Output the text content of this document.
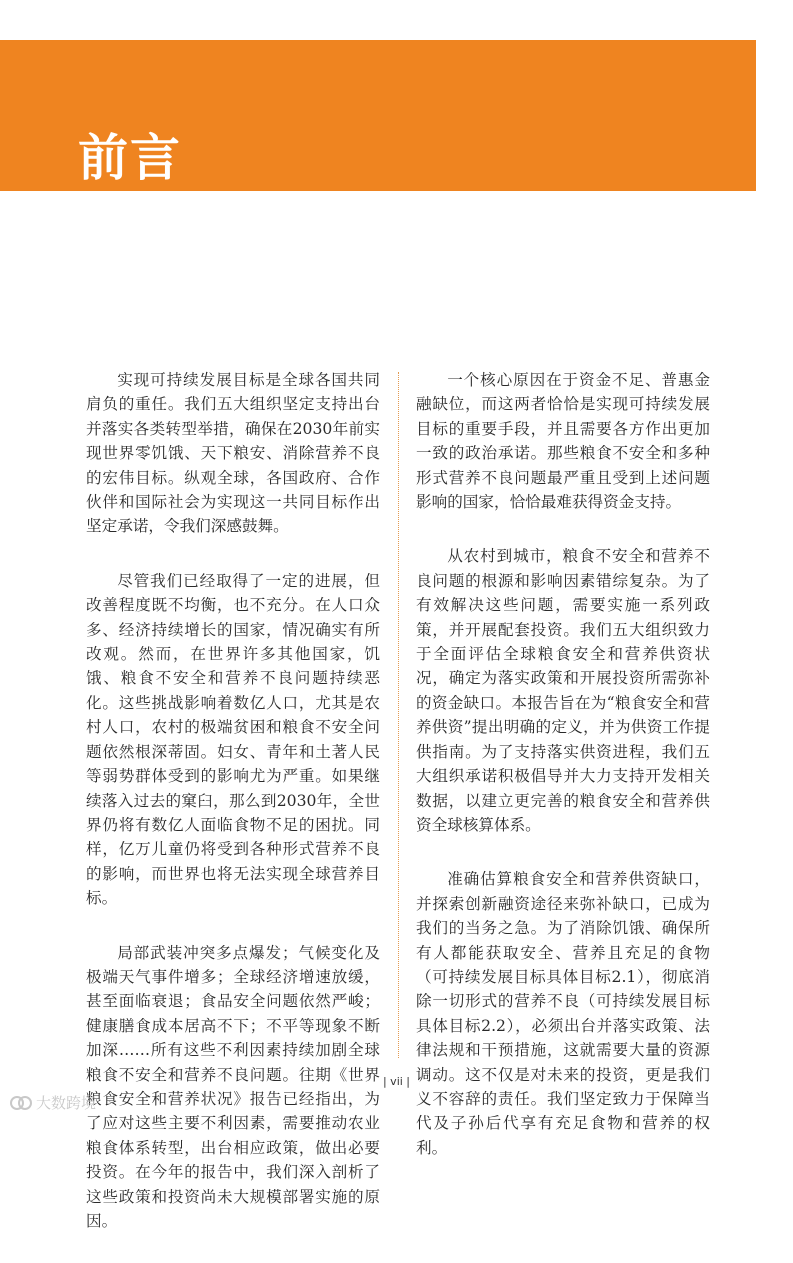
前言

实现可持续发展目标是全球各国共同肩负的重任。我们五大组织坚定支持出台并落实各类转型举措，确保在2030年前实现世界零饥饿、天下粮安、消除营养不良的宏伟目标。纵观全球，各国政府、合作伙伴和国际社会为实现这一共同目标作出坚定承诺，令我们深感鼓舞。

尽管我们已经取得了一定的进展，但改善程度既不均衡，也不充分。在人口众多、经济持续增长的国家，情况确实有所改观。然而，在世界许多其他国家，饥饿、粮食不安全和营养不良问题持续恶化。这些挑战影响着数亿人口，尤其是农村人口，农村的极端贫困和粮食不安全问题依然根深蒂固。妇女、青年和土著人民等弱势群体受到的影响尤为严重。如果继续落入过去的窠臼，那么到2030年，全世界仍将有数亿人面临食物不足的困扰。同样，亿万儿童仍将受到各种形式营养不良的影响，而世界也将无法实现全球营养目标。

局部武装冲突多点爆发；气候变化及极端天气事件增多；全球经济增速放缓，甚至面临衰退；食品安全问题依然严峻；健康膳食成本居高不下；不平等现象不断加深……所有这些不利因素持续加剧全球粮食不安全和营养不良问题。往期《世界粮食安全和营养状况》报告已经指出，为了应对这些主要不利因素，需要推动农业粮食体系转型，出台相应政策，做出必要投资。在今年的报告中，我们深入剖析了这些政策和投资尚未大规模部署实施的原因。

一个核心原因在于资金不足、普惠金融缺位，而这两者恰恰是实现可持续发展目标的重要手段，并且需要各方作出更加一致的政治承诺。那些粮食不安全和多种形式营养不良问题最严重且受到上述问题影响的国家，恰恰最难获得资金支持。

从农村到城市，粮食不安全和营养不良问题的根源和影响因素错综复杂。为了有效解决这些问题，需要实施一系列政策，并开展配套投资。我们五大组织致力于全面评估全球粮食安全和营养供资状况，确定为落实政策和开展投资所需弥补的资金缺口。本报告旨在为“粮食安全和营养供资”提出明确的定义，并为供资工作提供指南。为了支持落实供资进程，我们五大组织承诺积极倡导并大力支持开发相关数据，以建立更完善的粮食安全和营养供资全球核算体系。

准确估算粮食安全和营养供资缺口，并探索创新融资途径来弥补缺口，已成为我们的当务之急。为了消除饥饿、确保所有人都能获取安全、营养且充足的食物（可持续发展目标具体目标2.1），彻底消除一切形式的营养不良（可持续发展目标具体目标2.2），必须出台并落实政策、法律法规和干预措施，这就需要大量的资源调动。这不仅是对未来的投资，更是我们义不容辞的责任。我们坚定致力于保障当代及子孙后代享有充足食物和营养的权利。

| vii |
大数跨境
